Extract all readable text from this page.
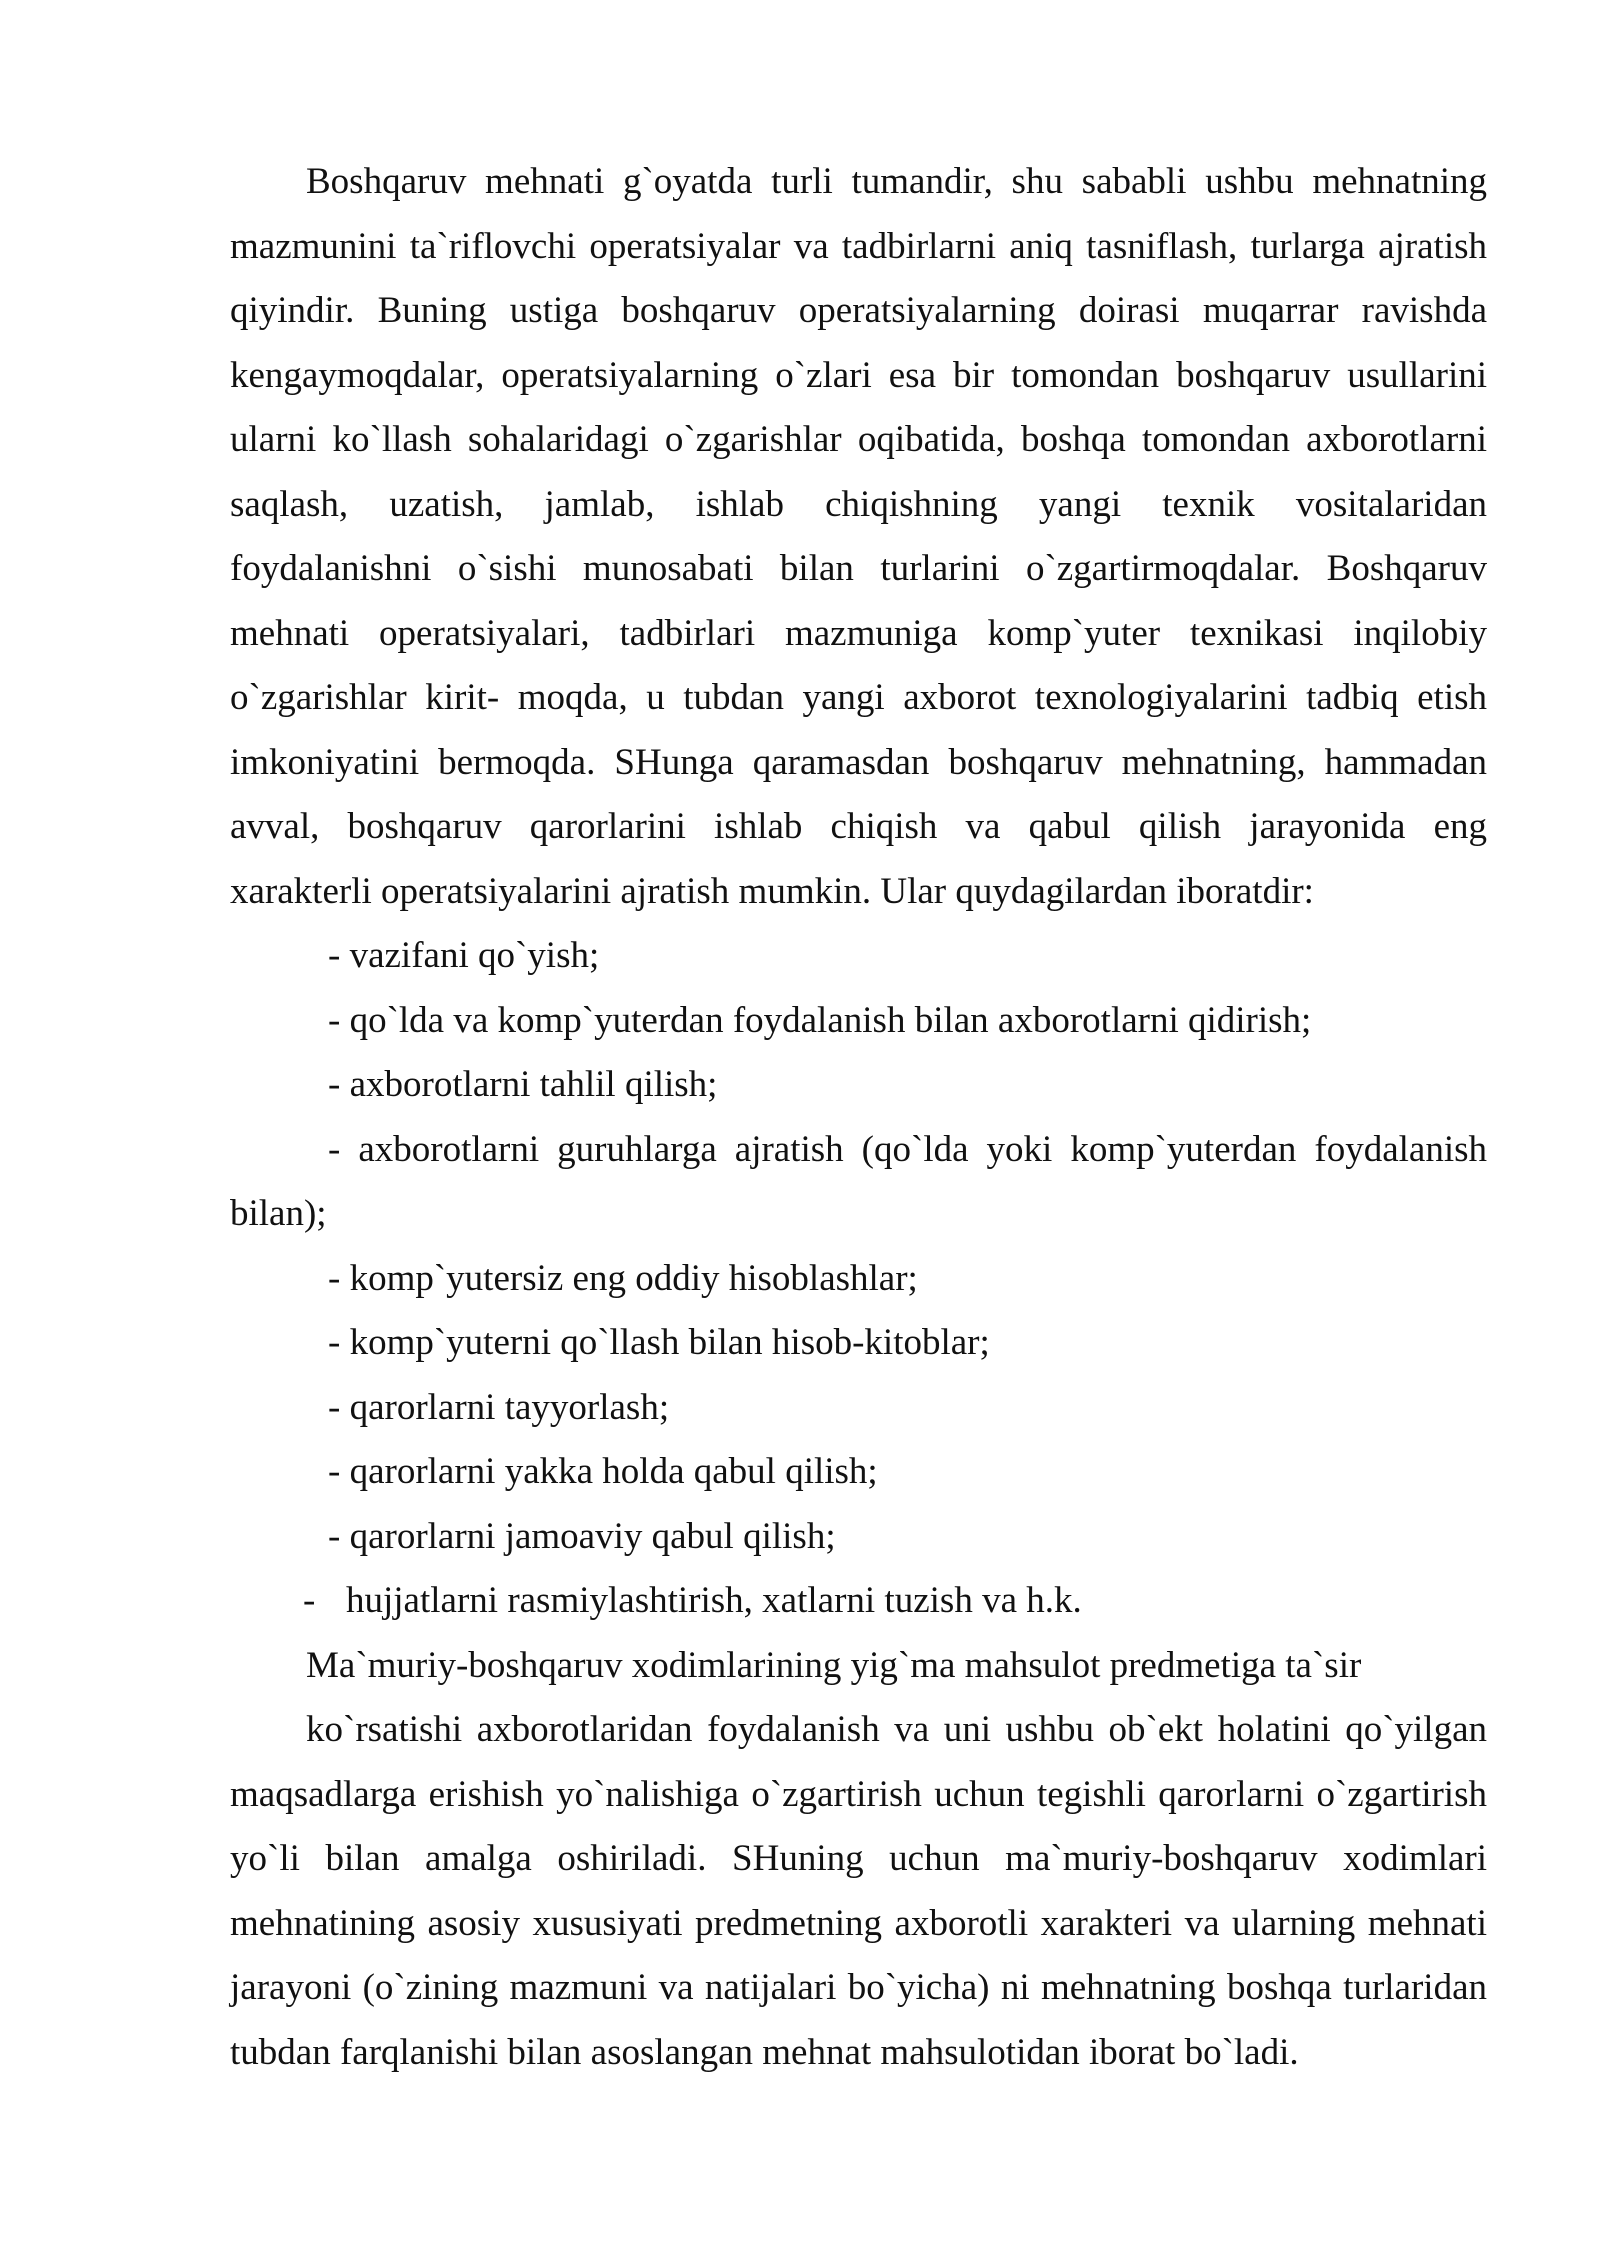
Boshqaruv mehnati g`oyatda turli tumandir, shu sababli ushbu mehnatning

mazmunini ta`riflovchi operatsiyalar va tadbirlarni aniq tasniflash, turlarga ajratish

qiyindir. Buning ustiga boshqaruv operatsiyalarning doirasi muqarrar ravishda

kengaymoqdalar, operatsiyalarning o`zlari esa bir tomondan boshqaruv usullarini

ularni ko`llash sohalaridagi o`zgarishlar oqibatida, boshqa tomondan axborotlarni

saqlash, uzatish, jamlab, ishlab chiqishning yangi texnik vositalaridan

foydalanishni o`sishi munosabati bilan turlarini o`zgartirmoqdalar. Boshqaruv

mehnati operatsiyalari, tadbirlari mazmuniga komp`yuter texnikasi inqilobiy

o`zgarishlar kirit- moqda, u tubdan yangi axborot texnologiyalarini tadbiq etish

imkoniyatini bermoqda. SHunga qaramasdan boshqaruv mehnatning, hammadan

avval, boshqaruv qarorlarini ishlab chiqish va qabul qilish jarayonida eng

xarakterli operatsiyalarini ajratish mumkin. Ular quydagilardan iboratdir:

- vazifani qo`yish;

- qo`lda va komp`yuterdan foydalanish bilan axborotlarni qidirish;

- axborotlarni tahlil qilish;

- axborotlarni guruhlarga ajratish (qo`lda yoki komp`yuterdan foydalanish

bilan);

- komp`yutersiz eng oddiy hisoblashlar;

- komp`yuterni qo`llash bilan hisob-kitoblar;

- qarorlarni tayyorlash;

- qarorlarni yakka holda qabul qilish;

- qarorlarni jamoaviy qabul qilish;

- hujjatlarni rasmiylashtirish, xatlarni tuzish va h.k.

Ma`muriy-boshqaruv xodimlarining yig`ma mahsulot predmetiga ta`sir

ko`rsatishi axborotlaridan foydalanish va uni ushbu ob`ekt holatini qo`yilgan

maqsadlarga erishish yo`nalishiga o`zgartirish uchun tegishli qarorlarni o`zgartirish

yo`li bilan amalga oshiriladi. SHuning uchun ma`muriy-boshqaruv xodimlari

mehnatining asosiy xususiyati predmetning axborotli xarakteri va ularning mehnati

jarayoni (o`zining mazmuni va natijalari bo`yicha) ni mehnatning boshqa turlaridan

tubdan farqlanishi bilan asoslangan mehnat mahsulotidan iborat bo`ladi.
